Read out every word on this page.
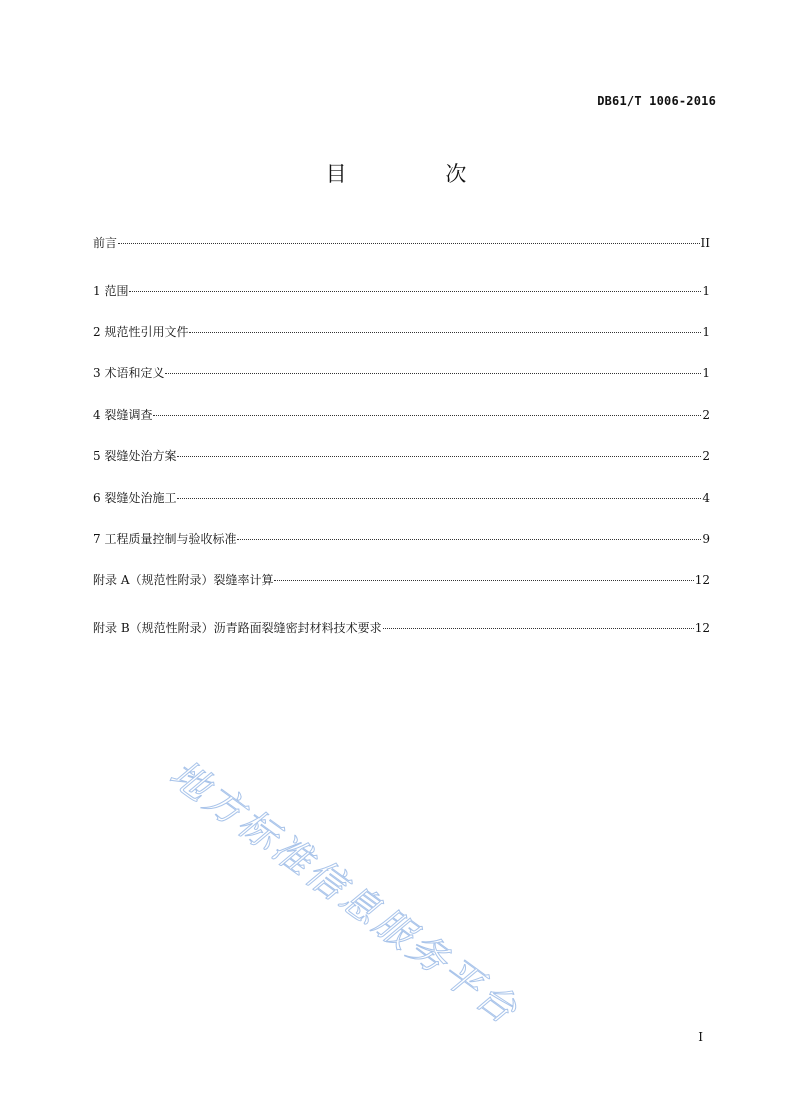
DB61/T 1006-2016
目 次
前言	II
1 范围	1
2 规范性引用文件	1
3 术语和定义	1
4 裂缝调查	2
5 裂缝处治方案	2
6 裂缝处治施工	4
7 工程质量控制与验收标准	9
附录 A（规范性附录）裂缝率计算	12
附录 B（规范性附录）沥青路面裂缝密封材料技术要求	12
地方标准信息服务平台
I
